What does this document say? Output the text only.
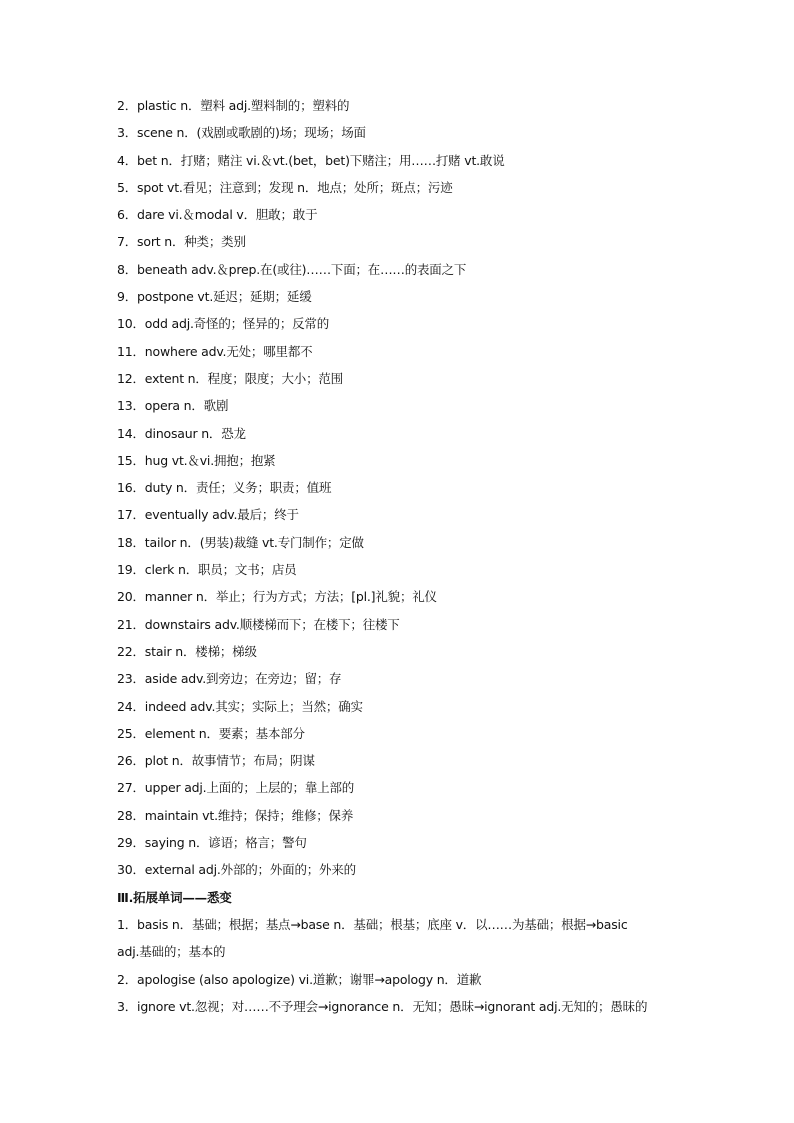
2．plastic n．塑料 adj.塑料制的；塑料的
3．scene n．(戏剧或歌剧的)场；现场；场面
4．bet n．打赌；赌注 vi.＆vt.(bet，bet)下赌注；用……打赌 vt.敢说
5．spot vt.看见；注意到；发现 n．地点；处所；斑点；污迹
6．dare vi.＆modal v．胆敢；敢于
7．sort n．种类；类别
8．beneath adv.＆prep.在(或往)……下面；在……的表面之下
9．postpone vt.延迟；延期；延缓
10．odd adj.奇怪的；怪异的；反常的
11．nowhere adv.无处；哪里都不
12．extent n．程度；限度；大小；范围
13．opera n．歌剧
14．dinosaur n．恐龙
15．hug vt.＆vi.拥抱；抱紧
16．duty n．责任；义务；职责；值班
17．eventually adv.最后；终于
18．tailor n．(男装)裁缝 vt.专门制作；定做
19．clerk n．职员；文书；店员
20．manner n．举止；行为方式；方法；[pl.]礼貌；礼仪
21．downstairs adv.顺楼梯而下；在楼下；往楼下
22．stair n．楼梯；梯级
23．aside adv.到旁边；在旁边；留；存
24．indeed adv.其实；实际上；当然；确实
25．element n．要素；基本部分
26．plot n．故事情节；布局；阴谋
27．upper adj.上面的；上层的；靠上部的
28．maintain vt.维持；保持；维修；保养
29．saying n．谚语；格言；警句
30．external adj.外部的；外面的；外来的
Ⅲ.拓展单词——悉变
1．basis n．基础；根据；基点→base n．基础；根基；底座 v．以……为基础；根据→basic
adj.基础的；基本的
2．apologise (also apologize) vi.道歉；谢罪→apology n．道歉
3．ignore vt.忽视；对……不予理会→ignorance n．无知；愚昧→ignorant adj.无知的；愚昧的
